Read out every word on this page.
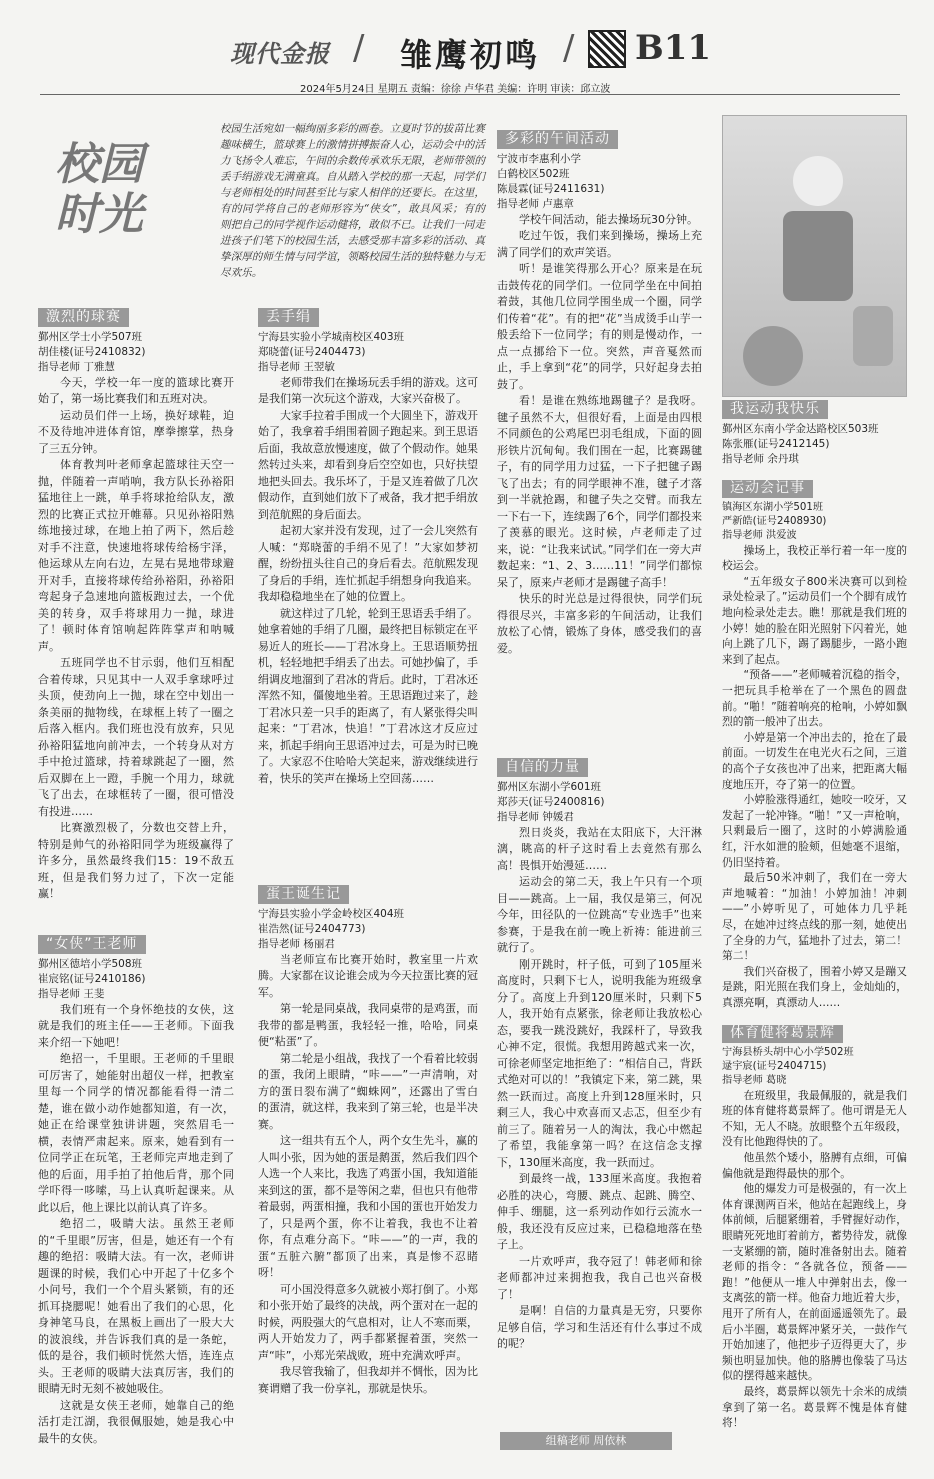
现代金报 / 雏鹰初鸣 / B11
2024年5月24日 星期五 责编：徐徐 卢华君 美编：许明 审读：邱立波
校园
时光

校园生活宛如一幅绚丽多彩的画卷。立夏时节的拔苗比赛趣味横生，篮球赛上的激情拼搏振奋人心，运动会中的活力飞扬令人难忘，午间的余数传承欢乐无限，老师带领的丢手绢游戏无满童真。自从踏入学校的那一天起，同学们与老师相处的时间甚至比与家人相伴的还要长。在这里，有的同学将自己的老师形容为“侠女”，敢具风采；有的则把自己的同学视作运动健将，敢似不已。让我们一同走进孩子们笔下的校园生活，去感受那丰富多彩的活动、真挚深厚的师生情与同学谊，领略校园生活的独特魅力与无尽欢乐。

激烈的球赛
鄞州区学士小学507班
胡佳楼(证号2410832)
指导老师 丁雅慧

今天，学校一年一度的篮球比赛开始了，第一场比赛我们和五班对决。

运动员们伴一上场，换好球鞋，迫不及待地冲进体育馆，摩拳擦掌，热身了三五分钟。

体育教判叶老师拿起篮球往天空一抛，伴随着一声哨响，我方队长孙裕阳猛地往上一跳，单手将球抢给队友，激烈的比赛正式拉开帷幕。只见孙裕阳熟练地接过球，在地上拍了两下，然后趁对手不注意，快速地将球传给杨宇泽，他运球从左向右边，左晃右晃地带球避开对手，直接将球传给孙裕阳，孙裕阳弯起身子急速地向篮板跑过去，一个优美的转身，双手将球用力一抛，球进了！顿时体育馆响起阵阵掌声和呐喊声。

五班同学也不甘示弱，他们互相配合着传球，只见其中一人双手拿球呼过头顶，使劲向上一抛，球在空中划出一条美丽的抛物线，在球框上转了一圈之后落入框内。我们班也没有放弃，只见孙裕阳猛地向前冲去，一个转身从对方手中抢过篮球，持着球跳起了一圈，然后双脚在上一蹬，手腕一个用力，球就飞了出去，在球框转了一圈，很可惜没有投进……

比赛激烈极了，分数也交替上升，特别是帅气的孙裕阳同学为班级赢得了许多分，虽然最终我们15：19不敌五班，但是我们努力过了，下次一定能赢！

“女侠”王老师
鄞州区德培小学508班
崔宸铭(证号2410186)
指导老师 王斐

我们班有一个身怀绝技的女侠，这就是我们的班主任——王老师。下面我来介绍一下她吧！

绝招一，千里眼。王老师的千里眼可厉害了，她能射出超仪一样，把教室里每一个同学的情况都能看得一清二楚，谁在做小动作她都知道，有一次，她正在给课堂独讲讲题，突然眉毛一横，表情严肃起来。原来，她看到有一位同学正在玩笔，王老师完声地走到了他的后面，用手拍了拍他后背，那个同学吓得一哆嗦，马上认真听起课来。从此以后，他上课比以前认真了许多。

绝招二，吸睛大法。虽然王老师的“千里眼”厉害，但是，她还有一个有趣的绝招：吸睛大法。有一次，老师讲题课的时候，我们心中开起了十亿多个小问号，我们一个个眉头紧锁，有的还抓耳挠腮呢！她看出了我们的心思，化身神笔马良，在黑板上画出了一股大大的波浪线，并告诉我们真的是一条蛇，低的是谷，我们顿时恍然大悟，连连点头。王老师的吸睛大法真厉害，我们的眼睛无时无刻不被她吸住。

这就是女侠王老师，她靠自己的绝活打走江湖，我很佩服她，她是我心中最牛的女侠。

丢手绢
宁海县实验小学城南校区403班
郑晓蕾(证号2404473)
指导老师 王翌敏

老师带我们在操场玩丢手绢的游戏。这可是我们第一次玩这个游戏，大家兴奋极了。

大家手拉着手围成一个大圆坐下，游戏开始了，我拿着手绢围着圆子跑起来。到王思语后面，我故意放慢速度，做了个假动作。她果然转过头来，却看到身后空空如也，只好扶望地把头回去。我乐坏了，于是又连着做了几次假动作，直到她们放下了戒备，我才把手绢放到范航熙的身后面去。

起初大家并没有发现，过了一会儿突然有人喊：“郑晓蕾的手绢不见了！”大家如梦初醒，纷纷扭头往自己的身后看去。范航熙发现了身后的手绢，连忙抓起手绢想身向我追来。我却稳稳地坐在了她的位置上。

就这样过了几轮，轮到王思语丢手绢了。她拿着她的手绢了几圈，最终把目标锁定在平易近人的班长——丁君冰身上。王思语顺势扭机，轻轻地把手绢丢了出去。可她抄偏了，手绢调皮地溜到了君冰的背后。此时，丁君冰还浑然不知，僵傻地坐着。王思语跑过来了，趁丁君冰只差一只手的距离了，有人紧张得尖叫起来：“丁君冰，快追！”丁君冰这才反应过来，抓起手绢向王思语冲过去，可是为时已晚了。大家忍不住哈哈大笑起来，游戏继续进行着，快乐的笑声在操场上空回荡……

蛋王诞生记
宁海县实验小学金岭校区404班
崔浩然(证号2404773)
指导老师 杨丽君

当老师宣布比赛开始时，教室里一片欢腾。大家都在议论谁会成为今天拉蛋比赛的冠军。

第一轮是同桌战，我同桌带的是鸡蛋，而我带的都是鸭蛋，我轻轻一推，哈哈，同桌便“粘蛋”了。

第二轮是小组战，我找了一个看着比较弱的蛋，我闭上眼睛，“咔——”一声清响，对方的蛋日裂布满了“蜘蛛网”，还露出了雪白的蛋清，就这样，我来到了第三轮，也是半决赛。

这一组共有五个人，两个女生先斗，赢的人叫小张，因为她的蛋是鹅蛋，然后我们四个人选一个人来比，我选了鸡蛋小国，我知道能来到这的蛋，都不是等闲之辈，但也只有他带着最弱，两蛋相撞，我和小国的蛋也开始发力了，只是两个蛋，你不让着我，我也不让着你，有点难分高下。“咔——”的一声，我的蛋“五脏六腑”都顶了出来，真是惨不忍睹呀！

可小国没得意多久就被小郑打倒了。小郑和小张开始了最终的决战，两个蛋对在一起的时候，两股强大的气息相对，让人不寒而栗，两人开始发力了，两手都紧握着蛋，突然一声“咔”，小郑光荣战败，班中充满欢呼声。

我尽管我输了，但我却并不惆怅，因为比赛谓赠了我一份享礼，那就是快乐。

多彩的午间活动
宁波市李惠利小学
白鹤校区502班
陈晨霖(证号2411631)
指导老师 卢惠章

学校午间活动，能去操场玩30分钟。

吃过午饭，我们来到操场，操场上充满了同学们的欢声笑语。

听！是谁笑得那么开心？原来是在玩击鼓传花的同学们。一位同学坐在中间拍着鼓，其他几位同学围坐成一个圈，同学们传着“花”。有的把“花”当成烫手山芋一般丢给下一位同学；有的则是慢动作，一点一点挪给下一位。突然，声音戛然而止，手上拿到“花”的同学，只好起身去拍鼓了。

看！是谁在熟练地踢毽子？是我呀。毽子虽然不大，但很好看，上面是由四根不同颜色的公鸡尾巴羽毛组成，下面的圆形铁片沉甸甸。我们围在一起，比赛踢毽子，有的同学用力过猛，一下子把毽子踢飞了出去；有的同学眼神不准，毽子才落到一半就抢踢，和毽子失之交臂。而我左一下右一下，连续踢了6个，同学们都投来了羡慕的眼光。这时候，卢老师走了过来，说：“让我来试试。”同学们在一旁大声数起来：“1、2、3……11！”同学们都惊呆了，原来卢老师才是踢毽子高手！

快乐的时光总是过得很快，同学们玩得很尽兴，丰富多彩的午间活动，让我们放松了心情，锻炼了身体，感受我们的喜爱。

自信的力量
鄞州区东湖小学601班
郑莎天(证号2400816)
指导老师 钟媛君

烈日炎炎，我站在太阳底下，大汗淋漓，眺高的杆子这时看上去竟然有那么高！畏惧开始漫延……

运动会的第二天，我上午只有一个项目——跳高。上一届，我仅是第三，何况今年，田径队的一位跳高“专业选手”也来参赛，于是我在前一晚上祈祷：能进前三就行了。

刚开跳时，杆子低，可到了105厘米高度时，只剩下七人，说明我能为班级拿分了。高度上升到120厘米时，只剩下5人，我开始有点紧张，徐老师让我放松心态，要我一跳没跳好，我踩杆了，导致我心神不定，很慌。我想用跨越式来一次，可徐老师坚定地拒绝了：“相信自己，背跃式绝对可以的！”我镇定下来，第二跳，果然一跃而过。高度上升到128厘米时，只剩三人，我心中欢喜而又忐忑，但至少有前三了。随着另一人的淘汰，我心中燃起了希望，我能拿第一吗？在这信念支撑下，130厘米高度，我一跃而过。

到最终一战，133厘米高度。我抱着必胜的决心，弯腰、跳点、起跳、腾空、伸手、绷腿，这一系列动作如行云流水一般，我还没有反应过来，已稳稳地落在垫子上。

一片欢呼声，我夺冠了！韩老师和徐老师都冲过来拥抱我，我自己也兴奋极了！

是啊！自信的力量真是无穷，只要你足够自信，学习和生活还有什么事过不成的呢？

我运动我快乐
鄞州区东南小学金达路校区503班
陈张雁(证号2412145)
指导老师 余丹琪
运动会记事
镇海区东湖小学501班
严新皓(证号2408930)
指导老师 洪爱波

操场上，我校正举行着一年一度的校运会。

“五年级女子800米决赛可以到检录处检录了。”运动员们一个个脚有成竹地向检录处走去。瞧！那就是我们班的小婷！她的脸在阳光照射下闪着光，她向上跳了几下，踢了踢腿步，一路小跑来到了起点。

“预备——”老师喊着沉稳的指令，一把玩具手枪举在了一个黑色的圆盘前。“啪！”随着响亮的枪响，小婷如飘烈的箭一般冲了出去。

小婷是第一个冲出去的，抢在了最前面。一切发生在电光火石之间，三道的高个子女孩也冲了出来，把距离大幅度地压开，夺了第一的位置。

小婷脸涨得通红，她咬一咬牙，又发起了一轮冲锋。“啪！”又一声枪响，只剩最后一圈了，这时的小婷满脸通红，汗水如泄的脸颊，但她毫不退缩，仍旧坚持着。

最后50米冲刺了，我们在一旁大声地喊着：“加油！小婷加油！冲刺——”小婷听见了，可她体力几乎耗尽，在她冲过终点线的那一刻，她使出了全身的力气，猛地扑了过去，第二！第二！

我们兴奋极了，围着小婷又是蹦又是跳，阳光照在我们身上，金灿灿的，真漂亮啊，真漂动人……

体育健将葛景辉
宁海县桥头胡中心小学502班
逯宇宸(证号2404715)
指导老师 葛晓

在班级里，我最佩服的，就是我们班的体育健将葛景辉了。他可谓是无人不知，无人不晓。放眼整个五年级段，没有比他跑得快的了。

他虽然个矮小，胳膊有点细，可偏偏他就是跑得最快的那个。

他的爆发力可是极强的，有一次上体育课测两百米，他站在起跑线上，身体前倾，后腿紧绷着，手臂握好动作，眼睛死死地盯着前方，蓄势待发，就像一支紧绷的箭，随时准备射出去。随着老师的指令：“各就各位，预备——跑！”他便从一堆人中弹射出去，像一支离弦的箭一样。他奋力地近着大步，甩开了所有人，在前面遥遥领先了。最后小半圈，葛景辉冲紧牙关，一鼓作气开始加速了，他把步子迈得更大了，步频也明显加快。他的胳膊也像装了马达似的摆得越来越快。

最终，葛景辉以领先十余米的成绩拿到了第一名。葛景辉不愧是体育健将！

组稿老师 周依林
